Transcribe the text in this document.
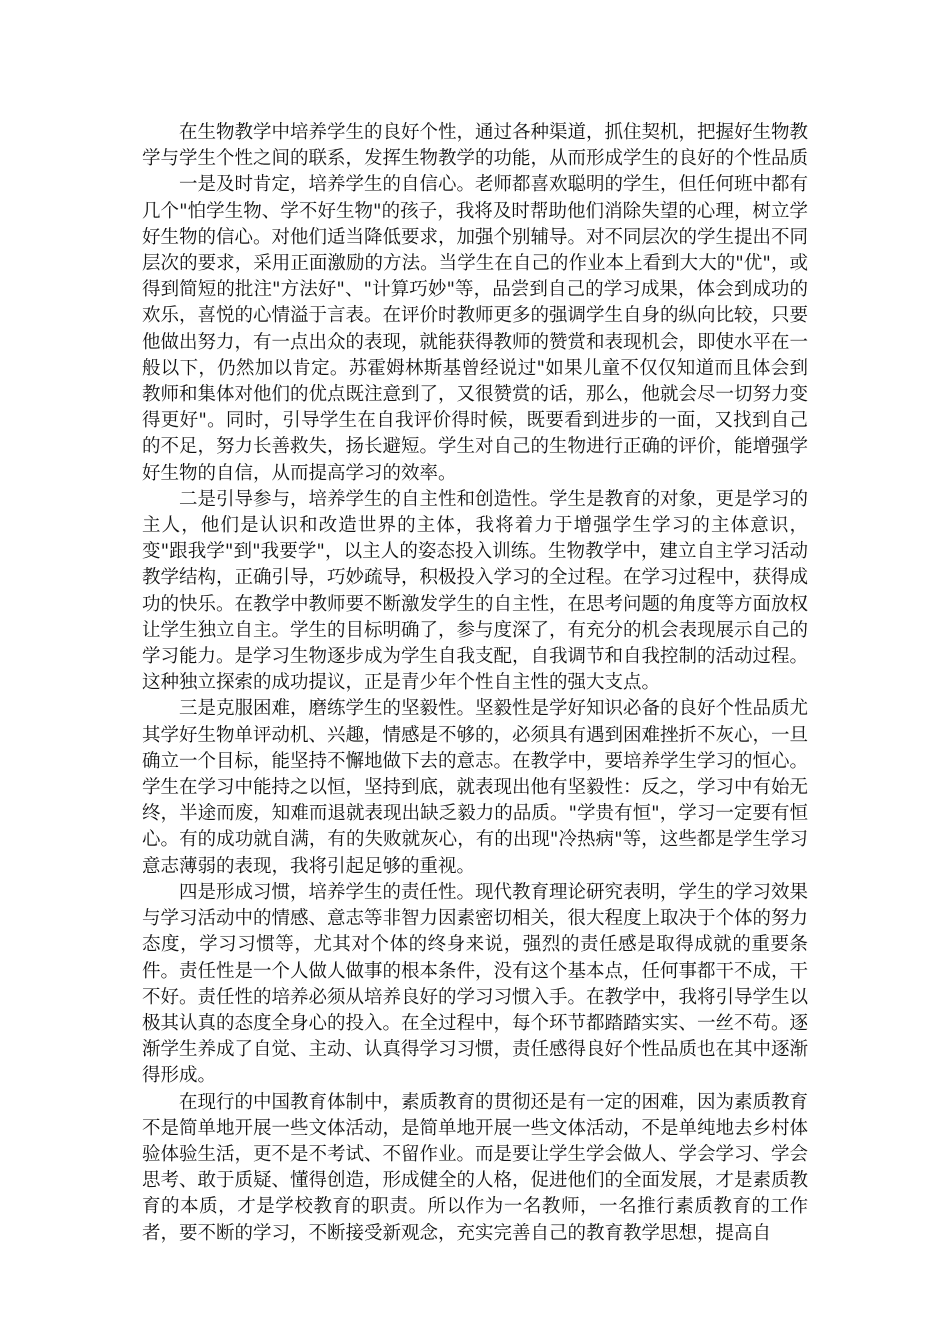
在生物教学中培养学生的良好个性，通过各种渠道，抓住契机，把握好生物教学与学生个性之间的联系，发挥生物教学的功能，从而形成学生的良好的个性品质

一是及时肯定，培养学生的自信心。老师都喜欢聪明的学生，但任何班中都有几个"怕学生物、学不好生物"的孩子，我将及时帮助他们消除失望的心理，树立学好生物的信心。对他们适当降低要求，加强个别辅导。对不同层次的学生提出不同层次的要求，采用正面激励的方法。当学生在自己的作业本上看到大大的"优"，或得到简短的批注"方法好"、"计算巧妙"等，品尝到自己的学习成果，体会到成功的欢乐，喜悦的心情溢于言表。在评价时教师更多的强调学生自身的纵向比较，只要他做出努力，有一点出众的表现，就能获得教师的赞赏和表现机会，即使水平在一般以下，仍然加以肯定。苏霍姆林斯基曾经说过"如果儿童不仅仅知道而且体会到教师和集体对他们的优点既注意到了，又很赞赏的话，那么，他就会尽一切努力变得更好"。同时，引导学生在自我评价得时候，既要看到进步的一面，又找到自己的不足，努力长善救失，扬长避短。学生对自己的生物进行正确的评价，能增强学好生物的自信，从而提高学习的效率。

二是引导参与，培养学生的自主性和创造性。学生是教育的对象，更是学习的主人，他们是认识和改造世界的主体，我将着力于增强学生学习的主体意识，变"跟我学"到"我要学"，以主人的姿态投入训练。生物教学中，建立自主学习活动教学结构，正确引导，巧妙疏导，积极投入学习的全过程。在学习过程中，获得成功的快乐。在教学中教师要不断激发学生的自主性，在思考问题的角度等方面放权让学生独立自主。学生的目标明确了，参与度深了，有充分的机会表现展示自己的学习能力。是学习生物逐步成为学生自我支配，自我调节和自我控制的活动过程。这种独立探索的成功提议，正是青少年个性自主性的强大支点。

三是克服困难，磨练学生的坚毅性。坚毅性是学好知识必备的良好个性品质尤其学好生物单评动机、兴趣，情感是不够的，必须具有遇到困难挫折不灰心，一旦确立一个目标，能坚持不懈地做下去的意志。在教学中，要培养学生学习的恒心。学生在学习中能持之以恒，坚持到底，就表现出他有坚毅性：反之，学习中有始无终，半途而废，知难而退就表现出缺乏毅力的品质。"学贵有恒"，学习一定要有恒心。有的成功就自满，有的失败就灰心，有的出现"冷热病"等，这些都是学生学习意志薄弱的表现，我将引起足够的重视。

四是形成习惯，培养学生的责任性。现代教育理论研究表明，学生的学习效果与学习活动中的情感、意志等非智力因素密切相关，很大程度上取决于个体的努力态度，学习习惯等，尤其对个体的终身来说，强烈的责任感是取得成就的重要条件。责任性是一个人做人做事的根本条件，没有这个基本点，任何事都干不成，干不好。责任性的培养必须从培养良好的学习习惯入手。在教学中，我将引导学生以极其认真的态度全身心的投入。在全过程中，每个环节都踏踏实实、一丝不苟。逐渐学生养成了自觉、主动、认真得学习习惯，责任感得良好个性品质也在其中逐渐得形成。

在现行的中国教育体制中，素质教育的贯彻还是有一定的困难，因为素质教育不是简单地开展一些文体活动，是简单地开展一些文体活动，不是单纯地去乡村体验体验生活，更不是不考试、不留作业。而是要让学生学会做人、学会学习、学会思考、敢于质疑、懂得创造，形成健全的人格，促进他们的全面发展，才是素质教育的本质，才是学校教育的职责。所以作为一名教师，一名推行素质教育的工作者，要不断的学习，不断接受新观念，充实完善自己的教育教学思想，提高自
